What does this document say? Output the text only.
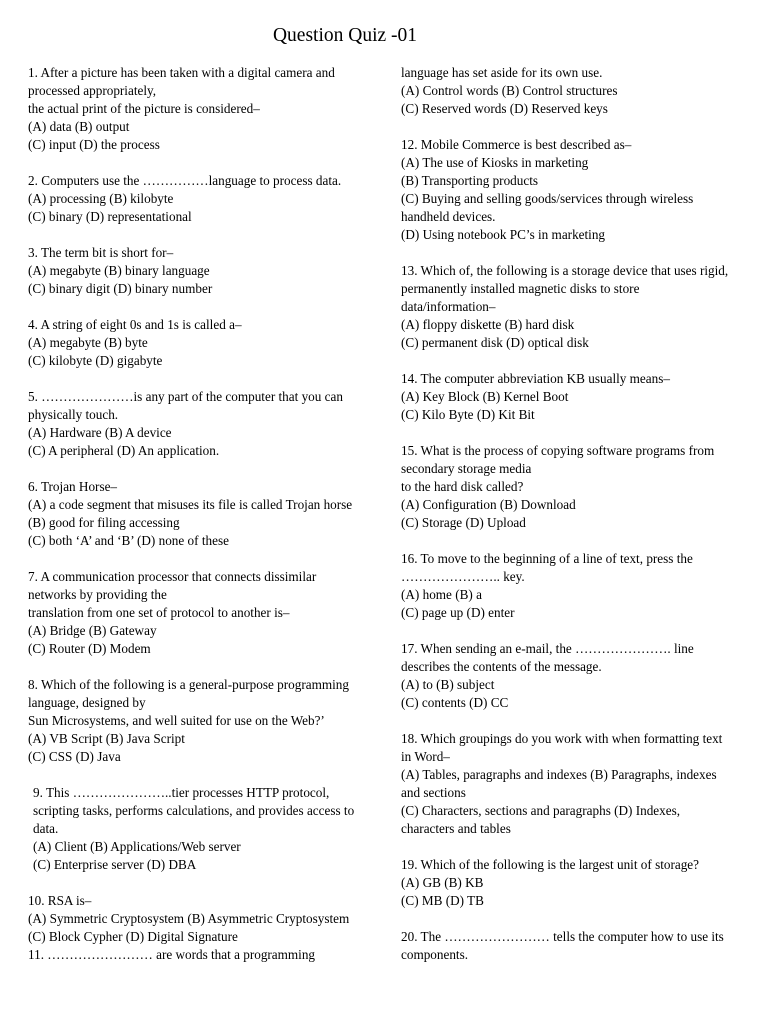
Question Quiz -01
1. After a picture has been taken with a digital camera and
processed appropriately,
the actual print of the picture is considered–
(A) data (B) output
(C) input (D) the process
2. Computers use the ……………language to process data.
(A) processing (B) kilobyte
(C) binary (D) representational
3. The term bit is short for–
(A) megabyte (B) binary language
(C) binary digit (D) binary number
4. A string of eight 0s and 1s is called a–
(A) megabyte (B) byte
(C) kilobyte (D) gigabyte
5. …………………is any part of the computer that you can
physically touch.
(A) Hardware (B) A device
(C) A peripheral (D) An application.
6. Trojan Horse–
(A) a code segment that misuses its file is called Trojan horse
(B) good for filing accessing
(C) both ‘A’ and ‘B’ (D) none of these
7. A communication processor that connects dissimilar
networks by providing the
translation from one set of protocol to another is–
(A) Bridge (B) Gateway
(C) Router (D) Modem
8. Which of the following is a general-purpose programming
language, designed by
Sun Microsystems, and well suited for use on the Web?’
(A) VB Script (B) Java Script
(C) CSS (D) Java
9. This …………………..tier processes HTTP protocol,
scripting tasks, performs calculations, and provides access to
data.
(A) Client (B) Applications/Web server
(C) Enterprise server (D) DBA
10. RSA is–
(A) Symmetric Cryptosystem (B) Asymmetric Cryptosystem
(C) Block Cypher (D) Digital Signature
11. …………………… are words that a programming
language has set aside for its own use.
(A) Control words (B) Control structures
(C) Reserved words (D) Reserved keys
12. Mobile Commerce is best described as–
(A) The use of Kiosks in marketing
(B) Transporting products
(C) Buying and selling goods/services through wireless
handheld devices.
(D) Using notebook PC’s in marketing
13. Which of, the following is a storage device that uses rigid,
permanently installed magnetic disks to store
data/information–
(A) floppy diskette (B) hard disk
(C) permanent disk (D) optical disk
14. The computer abbreviation KB usually means–
(A) Key Block (B) Kernel Boot
(C) Kilo Byte (D) Kit Bit
15. What is the process of copying software programs from
secondary storage media
to the hard disk called?
(A) Configuration (B) Download
(C) Storage (D) Upload
16. To move to the beginning of a line of text, press the
………………….. key.
(A) home (B) a
(C) page up (D) enter
17. When sending an e-mail, the …………………. line
describes the contents of the message.
(A) to (B) subject
(C) contents (D) CC
18. Which groupings do you work with when formatting text
in Word–
(A) Tables, paragraphs and indexes (B) Paragraphs, indexes
and sections
(C) Characters, sections and paragraphs (D) Indexes,
characters and tables
19. Which of the following is the largest unit of storage?
(A) GB (B) KB
(C) MB (D) TB
20. The …………………… tells the computer how to use its
components.
